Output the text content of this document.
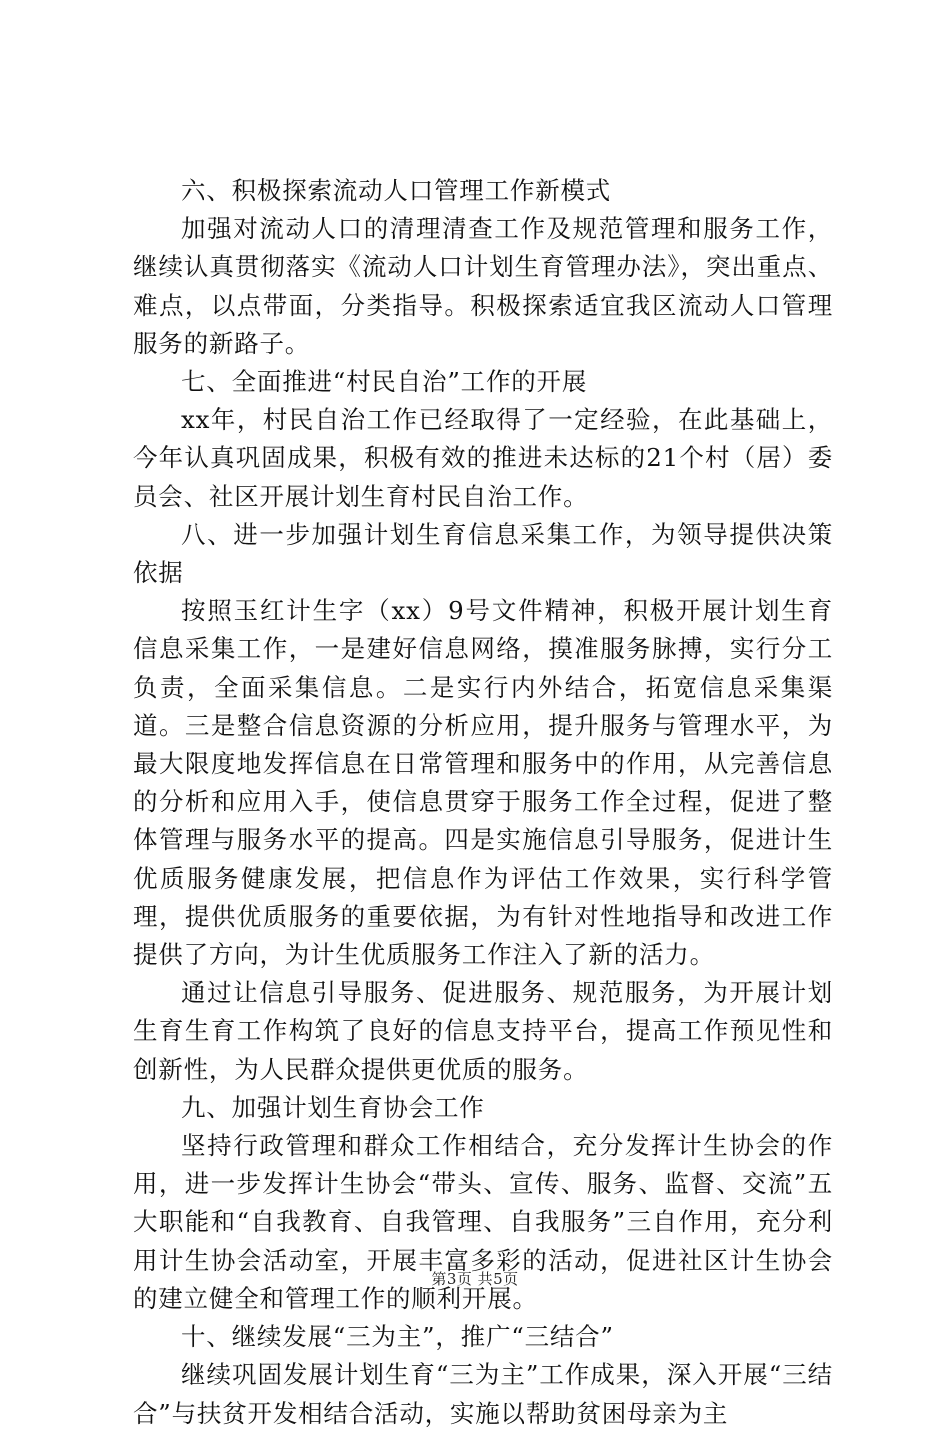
六、积极探索流动人口管理工作新模式

加强对流动人口的清理清查工作及规范管理和服务工作，继续认真贯彻落实《流动人口计划生育管理办法》，突出重点、难点，以点带面，分类指导。积极探索适宜我区流动人口管理服务的新路子。

七、全面推进“村民自治”工作的开展

xx年，村民自治工作已经取得了一定经验，在此基础上，今年认真巩固成果，积极有效的推进未达标的21个村（居）委员会、社区开展计划生育村民自治工作。

八、进一步加强计划生育信息采集工作，为领导提供决策依据

按照玉红计生字（xx）9号文件精神，积极开展计划生育信息采集工作，一是建好信息网络，摸准服务脉搏，实行分工负责，全面采集信息。二是实行内外结合，拓宽信息采集渠道。三是整合信息资源的分析应用，提升服务与管理水平，为最大限度地发挥信息在日常管理和服务中的作用，从完善信息的分析和应用入手，使信息贯穿于服务工作全过程，促进了整体管理与服务水平的提高。四是实施信息引导服务，促进计生优质服务健康发展，把信息作为评估工作效果，实行科学管理，提供优质服务的重要依据，为有针对性地指导和改进工作提供了方向，为计生优质服务工作注入了新的活力。

通过让信息引导服务、促进服务、规范服务，为开展计划生育生育工作构筑了良好的信息支持平台，提高工作预见性和创新性，为人民群众提供更优质的服务。

九、加强计划生育协会工作

坚持行政管理和群众工作相结合，充分发挥计生协会的作用，进一步发挥计生协会“带头、宣传、服务、监督、交流”五大职能和“自我教育、自我管理、自我服务”三自作用，充分利用计生协会活动室，开展丰富多彩的活动，促进社区计生协会的建立健全和管理工作的顺利开展。

十、继续发展“三为主”，推广“三结合”

继续巩固发展计划生育“三为主”工作成果，深入开展“三结合”与扶贫开发相结合活动，实施以帮助贫困母亲为主

第3页 共5页
